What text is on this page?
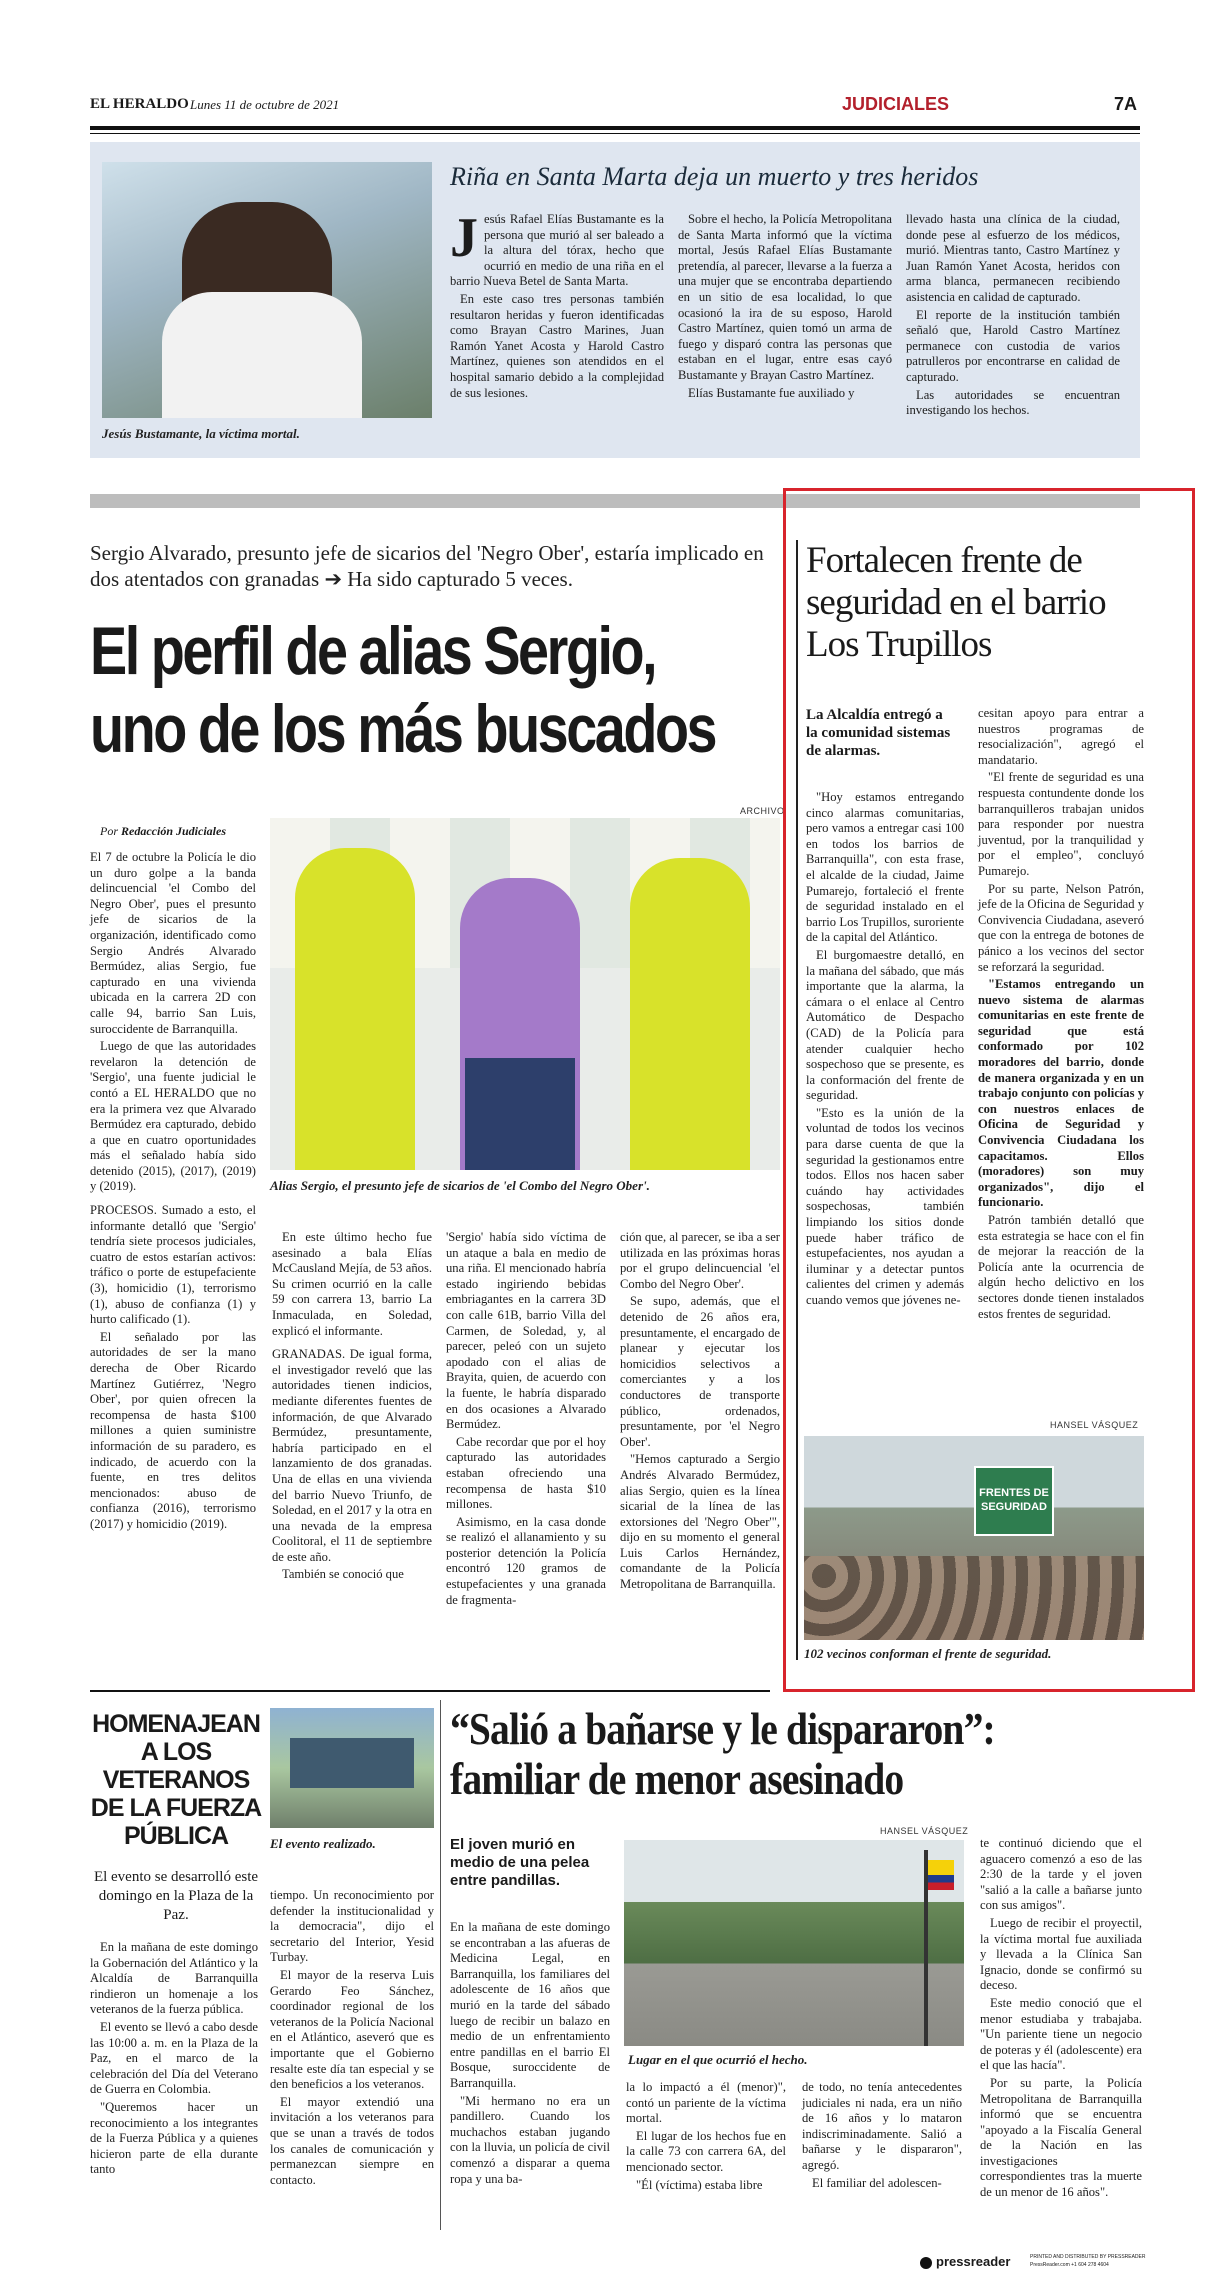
EL HERALDO Lunes 11 de octubre de 2021	JUDICIALES	7A
Jesús Bustamante, la víctima mortal.
Riña en Santa Marta deja un muerto y tres heridos
J esús Rafael Elías Bustamante es la persona que murió al ser baleado a la altura del tórax, hecho que ocurrió en medio de una riña en el barrio Nueva Betel de Santa Marta.

En este caso tres personas también resultaron heridas y fueron identificadas como Brayan Castro Marines, Juan Ramón Yanet Acosta y Harold Castro Martínez, quienes son atendidos en el hospital samario debido a la complejidad de sus lesiones.

Sobre el hecho, la Policía Metropolitana de Santa Marta informó que la víctima mortal, Jesús Rafael Elías Bustamante pretendía, al parecer, llevarse a la fuerza a una mujer que se encontraba departiendo en un sitio de esa localidad, lo que ocasionó la ira de su esposo, Harold Castro Martínez, quien tomó un arma de fuego y disparó contra las personas que estaban en el lugar, entre esas cayó Bustamante y Brayan Castro Martínez.

Elías Bustamante fue auxiliado y

llevado hasta una clínica de la ciudad, donde pese al esfuerzo de los médicos, murió. Mientras tanto, Castro Martínez y Juan Ramón Yanet Acosta, heridos con arma blanca, permanecen recibiendo asistencia en calidad de capturado.

El reporte de la institución también señaló que, Harold Castro Martínez permanece con custodia de varios patrulleros por encontrarse en calidad de capturado.

Las autoridades se encuentran investigando los hechos.

Sergio Alvarado, presunto jefe de sicarios del 'Negro Ober', estaría implicado en dos atentados con granadas ➔ Ha sido capturado 5 veces.
El perfil de alias Sergio,
uno de los más buscados
Por Redacción Judiciales
ARCHIVO
Alias Sergio, el presunto jefe de sicarios de 'el Combo del Negro Ober'.

El 7 de octubre la Policía le dio un duro golpe a la banda delincuencial 'el Combo del Negro Ober', pues el presunto jefe de sicarios de la organización, identificado como Sergio Andrés Alvarado Bermúdez, alias Sergio, fue capturado en una vivienda ubicada en la carrera 2D con calle 94, barrio San Luis, suroccidente de Barranquilla.

Luego de que las autoridades revelaron la detención de 'Sergio', una fuente judicial le contó a EL HERALDO que no era la primera vez que Alvarado Bermúdez era capturado, debido a que en cuatro oportunidades más el señalado había sido detenido (2015), (2017), (2019) y (2019).

PROCESOS. Sumado a esto, el informante detalló que 'Sergio' tendría siete procesos judiciales, cuatro de estos estarían activos: tráfico o porte de estupefaciente (3), homicidio (1), terrorismo (1), abuso de confianza (1) y hurto calificado (1).

El señalado por las autoridades de ser la mano derecha de Ober Ricardo Martínez Gutiérrez, 'Negro Ober', por quien ofrecen la recompensa de hasta $100 millones a quien suministre información de su paradero, es indicado, de acuerdo con la fuente, en tres delitos mencionados: abuso de confianza (2016), terrorismo (2017) y homicidio (2019).

En este último hecho fue asesinado a bala Elías McCausland Mejía, de 53 años. Su crimen ocurrió en la calle 59 con carrera 13, barrio La Inmaculada, en Soledad, explicó el informante.

GRANADAS. De igual forma, el investigador reveló que las autoridades tienen indicios, mediante diferentes fuentes de información, de que Alvarado Bermúdez, presuntamente, habría participado en el lanzamiento de dos granadas. Una de ellas en una vivienda del barrio Nuevo Triunfo, de Soledad, en el 2017 y la otra en una nevada de la empresa Coolitoral, el 11 de septiembre de este año.

También se conoció que

'Sergio' había sido víctima de un ataque a bala en medio de una riña. El mencionado habría estado ingiriendo bebidas embriagantes en la carrera 3D con calle 61B, barrio Villa del Carmen, de Soledad, y, al parecer, peleó con un sujeto apodado con el alias de Brayita, quien, de acuerdo con la fuente, le habría disparado en dos ocasiones a Alvarado Bermúdez.

Cabe recordar que por el hoy capturado las autoridades estaban ofreciendo una recompensa de hasta $10 millones.

Asimismo, en la casa donde se realizó el allanamiento y su posterior detención la Policía encontró 120 gramos de estupefacientes y una granada de fragmenta-

ción que, al parecer, se iba a ser utilizada en las próximas horas por el grupo delincuencial 'el Combo del Negro Ober'.

Se supo, además, que el detenido de 26 años era, presuntamente, el encargado de planear y ejecutar los homicidios selectivos a comerciantes y a los conductores de transporte público, ordenados, presuntamente, por 'el Negro Ober'.

"Hemos capturado a Sergio Andrés Alvarado Bermúdez, alias Sergio, quien es la línea sicarial de la línea de las extorsiones del 'Negro Ober'", dijo en su momento el general Luis Carlos Hernández, comandante de la Policía Metropolitana de Barranquilla.

Fortalecen frente de seguridad en el barrio Los Trupillos
La Alcaldía entregó a la comunidad sistemas de alarmas.

"Hoy estamos entregando cinco alarmas comunitarias, pero vamos a entregar casi 100 en todos los barrios de Barranquilla", con esta frase, el alcalde de la ciudad, Jaime Pumarejo, fortaleció el frente de seguridad instalado en el barrio Los Trupillos, suroriente de la capital del Atlántico.

El burgomaestre detalló, en la mañana del sábado, que más importante que la alarma, la cámara o el enlace al Centro Automático de Despacho (CAD) de la Policía para atender cualquier hecho sospechoso que se presente, es la conformación del frente de seguridad.

"Esto es la unión de la voluntad de todos los vecinos para darse cuenta de que la seguridad la gestionamos entre todos. Ellos nos hacen saber cuándo hay actividades sospechosas, también limpiando los sitios donde puede haber tráfico de estupefacientes, nos ayudan a iluminar y a detectar puntos calientes del crimen y además cuando vemos que jóvenes ne-

cesitan apoyo para entrar a nuestros programas de resocialización", agregó el mandatario.

"El frente de seguridad es una respuesta contundente donde los barranquilleros trabajan unidos para responder por nuestra juventud, por la tranquilidad y por el empleo", concluyó Pumarejo.

Por su parte, Nelson Patrón, jefe de la Oficina de Seguridad y Convivencia Ciudadana, aseveró que con la entrega de botones de pánico a los vecinos del sector se reforzará la seguridad.

"Estamos entregando un nuevo sistema de alarmas comunitarias en este frente de seguridad que está conformado por 102 moradores del barrio, donde de manera organizada y en un trabajo conjunto con policías y con nuestros enlaces de Oficina de Seguridad y Convivencia Ciudadana los capacitamos. Ellos (moradores) son muy organizados", dijo el funcionario.

Patrón también detalló que esta estrategia se hace con el fin de mejorar la reacción de la Policía ante la ocurrencia de algún hecho delictivo en los sectores donde tienen instalados estos frentes de seguridad.

HANSEL VÁSQUEZ
FRENTES DE SEGURIDAD
102 vecinos conforman el frente de seguridad.
HOMENAJEAN A LOS VETERANOS DE LA FUERZA PÚBLICA	El evento realizado.
El evento se desarrolló este domingo en la Plaza de la Paz.

En la mañana de este domingo la Gobernación del Atlántico y la Alcaldía de Barranquilla rindieron un homenaje a los veteranos de la fuerza pública.

El evento se llevó a cabo desde las 10:00 a. m. en la Plaza de la Paz, en el marco de la celebración del Día del Veterano de Guerra en Colombia.

"Queremos hacer un reconocimiento a los integrantes de la Fuerza Pública y a quienes hicieron parte de ella durante tanto

tiempo. Un reconocimiento por defender la institucionalidad y la democracia", dijo el secretario del Interior, Yesid Turbay.

El mayor de la reserva Luis Gerardo Feo Sánchez, coordinador regional de los veteranos de la Policía Nacional en el Atlántico, aseveró que es importante que el Gobierno resalte este día tan especial y se den beneficios a los veteranos.

El mayor extendió una invitación a los veteranos para que se unan a través de todos los canales de comunicación y permanezcan siempre en contacto.

“Salió a bañarse y le dispararon”:
familiar de menor asesinado
El joven murió en medio de una pelea entre pandillas.
HANSEL VÁSQUEZ
Lugar en el que ocurrió el hecho.

En la mañana de este domingo se encontraban a las afueras de Medicina Legal, en Barranquilla, los familiares del adolescente de 16 años que murió en la tarde del sábado luego de recibir un balazo en medio de un enfrentamiento entre pandillas en el barrio El Bosque, suroccidente de Barranquilla.

"Mi hermano no era un pandillero. Cuando los muchachos estaban jugando con la lluvia, un policía de civil comenzó a disparar a quema ropa y una ba-

la lo impactó a él (menor)", contó un pariente de la víctima mortal.

El lugar de los hechos fue en la calle 73 con carrera 6A, del mencionado sector.

"Él (víctima) estaba libre

de todo, no tenía antecedentes judiciales ni nada, era un niño de 16 años y lo mataron indiscriminadamente. Salió a bañarse y le dispararon", agregó.

El familiar del adolescen-

te continuó diciendo que el aguacero comenzó a eso de las 2:30 de la tarde y el joven "salió a la calle a bañarse junto con sus amigos".

Luego de recibir el proyectil, la víctima mortal fue auxiliada y llevada a la Clínica San Ignacio, donde se confirmó su deceso.

Este medio conoció que el menor estudiaba y trabajaba. "Un pariente tiene un negocio de poteras y él (adolescente) era el que las hacía".

Por su parte, la Policía Metropolitana de Barranquilla informó que se encuentra "apoyado a la Fiscalía General de la Nación en las investigaciones correspondientes tras la muerte de un menor de 16 años".

pressreader	PRINTED AND DISTRIBUTED BY PRESSREADER
PressReader.com +1 604 278 4604
